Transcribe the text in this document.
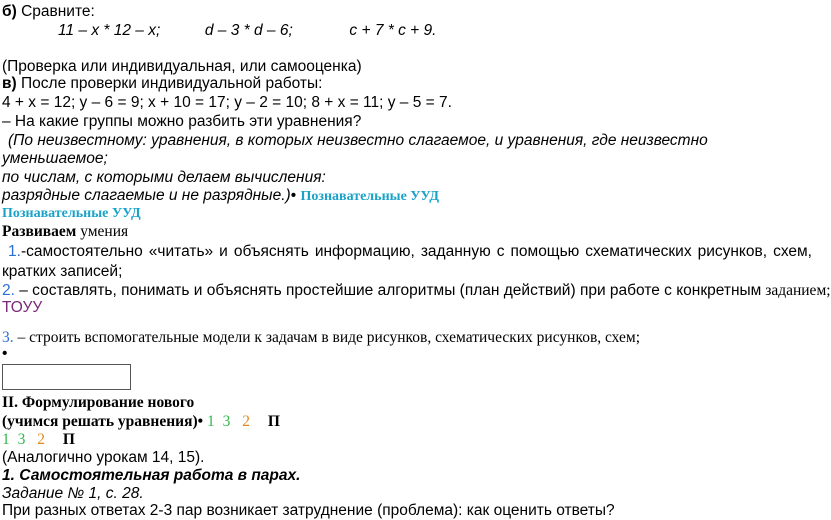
б) Сравните:
11 – x * 12 – x;	d – 3 * d – 6;	c + 7 * c + 9.
(Проверка или индивидуальная, или самооценка)
в) После проверки индивидуальной работы:
4 + x = 12; у – 6 = 9; x + 10 = 17; у – 2 = 10; 8 + x = 11; у – 5 = 7.
– На какие группы можно разбить эти уравнения?
(По неизвестному: уравнения, в которых неизвестно слагаемое, и уравнения, где неизвестно
уменьшаемое;
по числам, с которыми делаем вычисления:
разрядные слагаемые и не разрядные.)• Познавательные УУД
Познавательные УУД
Развиваем умения
1.-самостоятельно «читать» и объяснять информацию, заданную с помощью схематических рисунков, схем, кратких записей;
2. – составлять, понимать и объяснять простейшие алгоритмы (план действий) при работе с конкретным заданием;
ТОУУ
3. – строить вспомогательные модели к задачам в виде рисунков, схематических рисунков, схем;
•
II. Формулирование нового
(учимся решать уравнения)• 1 3 2 П
1 3 2 П
(Аналогично урокам 14, 15).
1. Самостоятельная работа в парах.
Задание № 1, с. 28.
При разных ответах 2-3 пар возникает затруднение (проблема): как оценить ответы?
